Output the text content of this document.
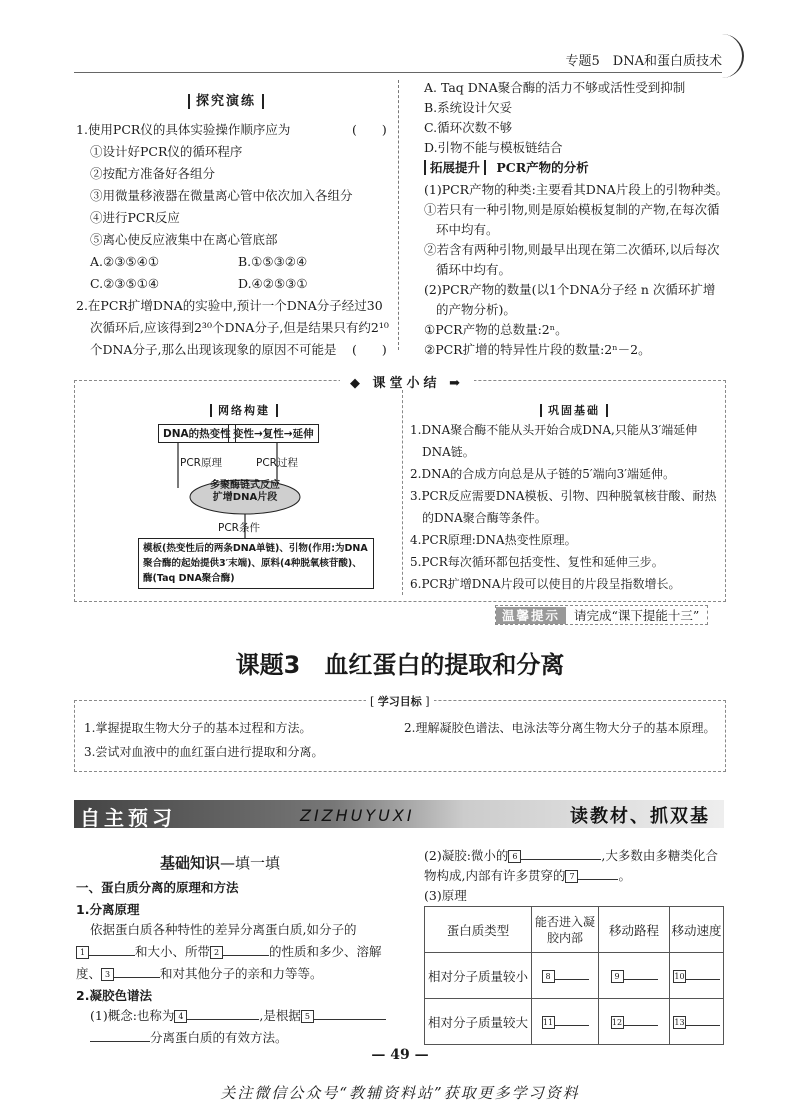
专题5　DNA和蛋白质技术
探究演练
1.使用PCR仪的具体实验操作顺序应为	(　　)
①设计好PCR仪的循环程序
②按配方准备好各组分
③用微量移液器在微量离心管中依次加入各组分
④进行PCR反应
⑤离心使反应液集中在离心管底部
A.②③⑤④①	B.①⑤③②④
C.②③⑤①④	D.④②⑤③①
2.在PCR扩增DNA的实验中,预计一个DNA分子经过30
次循环后,应该得到2³⁰个DNA分子,但是结果只有约2¹⁰
个DNA分子,那么出现该现象的原因不可能是 (　　)
A. Taq DNA聚合酶的活力不够或活性受到抑制
B.系统设计欠妥
C.循环次数不够
D.引物不能与模板链结合
拓展提升 PCR产物的分析
(1)PCR产物的种类:主要看其DNA片段上的引物种类。
①若只有一种引物,则是原始模板复制的产物,在每次循
环中均有。
②若含有两种引物,则最早出现在第二次循环,以后每次
循环中均有。
(2)PCR产物的数量(以1个DNA分子经 n 次循环扩增
的产物分析)。
①PCR产物的总数量:2ⁿ。
②PCR扩增的特异性片段的数量:2ⁿ－2。
◆ 课堂小结 ➡
网络构建	巩固基础
DNA的热变性 变性→复性→延伸
PCR原理	PCR过程
多聚酶链式反应扩增DNA片段
PCR条件
模板(热变性后的两条DNA单链)、引物(作用:为DNA聚合酶的起始提供3′末端)、原料(4种脱氧核苷酸)、酶(Taq DNA聚合酶)
1.DNA聚合酶不能从头开始合成DNA,只能从3′端延伸
DNA链。
2.DNA的合成方向总是从子链的5′端向3′端延伸。
3.PCR反应需要DNA模板、引物、四种脱氧核苷酸、耐热
的DNA聚合酶等条件。
4.PCR原理:DNA热变性原理。
5.PCR每次循环都包括变性、复性和延伸三步。
6.PCR扩增DNA片段可以使目的片段呈指数增长。
温馨提示 请完成“课下提能十三”
课题3　血红蛋白的提取和分离
[ 学习目标 ]
1.掌握提取生物大分子的基本过程和方法。	2.理解凝胶色谱法、电泳法等分离生物大分子的基本原理。
3.尝试对血液中的血红蛋白进行提取和分离。
自主预习	ZIZHUYUXI	读教材、抓双基
基础知识—填一填
一、蛋白质分离的原理和方法
1.分离原理
依据蛋白质各种特性的差异分离蛋白质,如分子的
1	和大小、所带 2	的性质和多少、溶解
度、 3	和对其他分子的亲和力等等。
2.凝胶色谱法
(1)概念:也称为 4	,是根据 5
分离蛋白质的有效方法。
(2)凝胶:微小的 6	,大多数由多糖类化合
物构成,内部有许多贯穿的 7	。
(3)原理
蛋白质类型	能否进入凝胶内部	移动路程	移动速度
相对分子质量较小	8	9	10
相对分子质量较大	11	12	13
— 49 —
关注微信公众号“教辅资料站”获取更多学习资料
